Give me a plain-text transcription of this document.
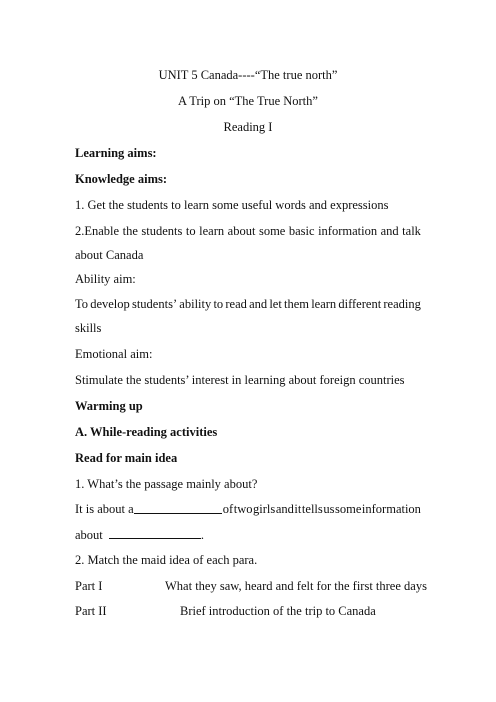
UNIT 5 Canada----“The true north”
A Trip on “The True North”
Reading I
Learning aims:
Knowledge aims:
1. Get the students to learn some useful words and expressions
2.Enable the students to learn about some basic information and talk
about Canada
Ability aim:
To develop students’ ability to read and let them learn different reading
skills
Emotional aim:
Stimulate the students’ interest in learning about foreign countries
Warming up
A. While-reading activities
Read for main idea
1. What’s the passage mainly about?
It is about a	of two girls and it tells us some information
about	.
2. Match the maid idea of each para.
Part I	What they saw, heard and felt for the first three days
Part II	Brief introduction of the trip to Canada
